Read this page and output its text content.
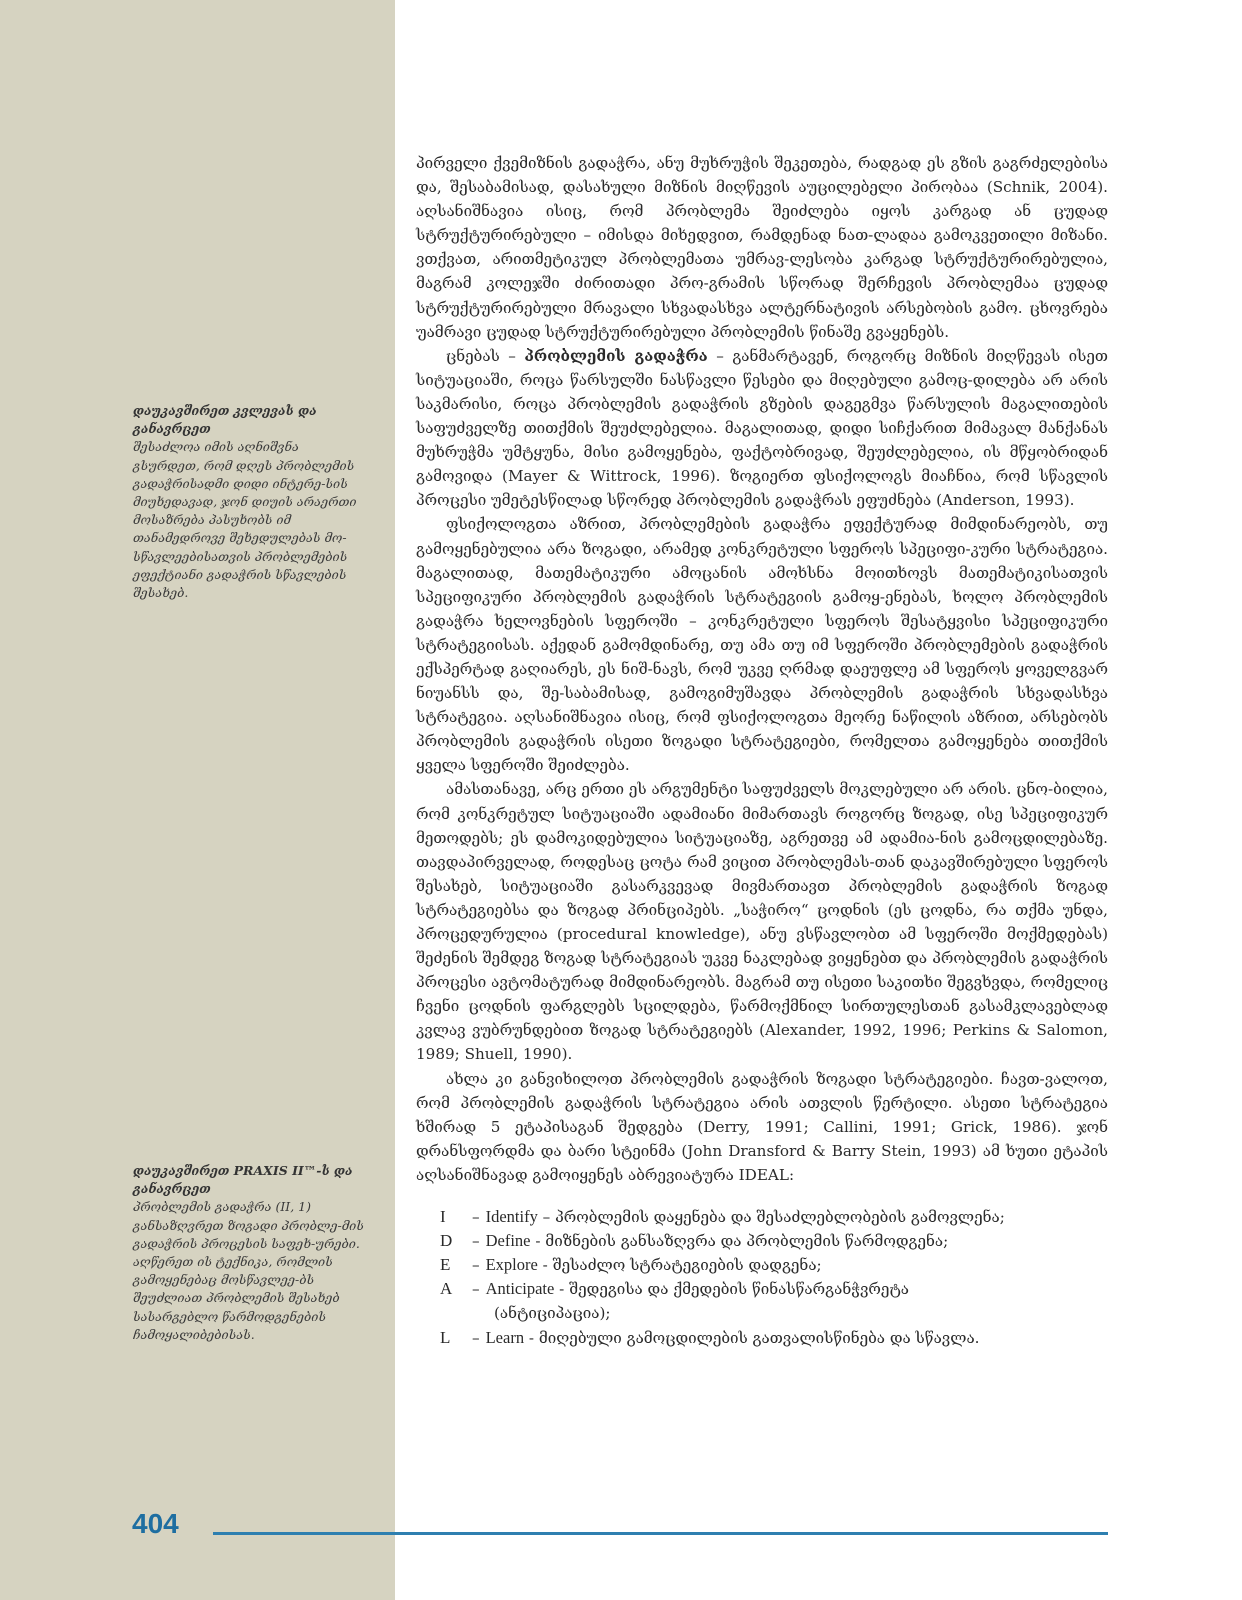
დაუკავშირეთ კვლევას და განავრცეთ
შესაძლოა იმის აღნიშვნა გსურდეთ, რომ დღეს პრობლემის გადაჭრისადმი დიდი ინტერე-სის მიუხედავად, ჯონ დიუის არაერთი მოსაზრება პასუხობს იმ თანამედროვე შეხედულებას მო-სწავლეებისათვის პრობლემების ეფექტიანი გადაჭრის სწავლების შესახებ.
დაუკავშირეთ PRAXIS II™-ს და განავრცეთ
პრობლემის გადაჭრა (II, 1) განსაზღვრეთ ზოგადი პრობლე-მის გადაჭრის პროცესის საფეხ-ურები. აღწერეთ ის ტექნიკა, რომლის გამოყენებაც მოსწავლეე-ბს შეუძლიათ პრობლემის შესახებ სასარგებლო წარმოდგენების ჩამოყალიბებისას.

პირველი ქვემიზნის გადაჭრა, ანუ მუხრუჭის შეკეთება, რადგად ეს გზის გაგრძელებისა და, შესაბამისად, დასახული მიზნის მიღწევის აუცილებელი პირობაა (Schnik, 2004). აღსანიშნავია ისიც, რომ პრობლემა შეიძლება იყოს კარგად ან ცუდად სტრუქტურირებული – იმისდა მიხედვით, რამდენად ნათ-ლადაა გამოკვეთილი მიზანი. ვთქვათ, არითმეტიკულ პრობლემათა უმრავ-ლესობა კარგად სტრუქტურირებულია, მაგრამ კოლეჯში ძირითადი პრო-გრამის სწორად შერჩევის პრობლემაა ცუდად სტრუქტურირებული მრავალი სხვადასხვა ალტერნატივის არსებობის გამო. ცხოვრება უამრავი ცუდად სტრუქტურირებული პრობლემის წინაშე გვაყენებს.

ცნებას – პრობლემის გადაჭრა – განმარტავენ, როგორც მიზნის მიღწევას ისეთ სიტუაციაში, როცა წარსულში ნასწავლი წესები და მიღებული გამოც-დილება არ არის საკმარისი, როცა პრობლემის გადაჭრის გზების დაგეგმვა წარსულის მაგალითების საფუძველზე თითქმის შეუძლებელია. მაგალითად, დიდი სიჩქარით მიმავალ მანქანას მუხრუჭმა უმტყუნა, მისი გამოყენება, ფაქტობრივად, შეუძლებელია, ის მწყობრიდან გამოვიდა (Mayer & Wittrock, 1996). ზოგიერთ ფსიქოლოგს მიაჩნია, რომ სწავლის პროცესი უმეტესწილად სწორედ პრობლემის გადაჭრას ეფუძნება (Anderson, 1993).

ფსიქოლოგთა აზრით, პრობლემების გადაჭრა ეფექტურად მიმდინარეობს, თუ გამოყენებულია არა ზოგადი, არამედ კონკრეტული სფეროს სპეციფი-კური სტრატეგია. მაგალითად, მათემატიკური ამოცანის ამოხსნა მოითხოვს მათემატიკისათვის სპეციფიკური პრობლემის გადაჭრის სტრატეგიის გამოყ-ენებას, ხოლო პრობლემის გადაჭრა ხელოვნების სფეროში – კონკრეტული სფეროს შესატყვისი სპეციფიკური სტრატეგიისას. აქედან გამომდინარე, თუ ამა თუ იმ სფეროში პრობლემების გადაჭრის ექსპერტად გაღიარეს, ეს ნიშ-ნავს, რომ უკვე ღრმად დაეუფლე ამ სფეროს ყოველგვარ ნიუანსს და, შე-საბამისად, გამოგიმუშავდა პრობლემის გადაჭრის სხვადასხვა სტრატეგია. აღსანიშნავია ისიც, რომ ფსიქოლოგთა მეორე ნაწილის აზრით, არსებობს პრობლემის გადაჭრის ისეთი ზოგადი სტრატეგიები, რომელთა გამოყენება თითქმის ყველა სფეროში შეიძლება.

ამასთანავე, არც ერთი ეს არგუმენტი საფუძველს მოკლებული არ არის. ცნო-ბილია, რომ კონკრეტულ სიტუაციაში ადამიანი მიმართავს როგორც ზოგად, ისე სპეციფიკურ მეთოდებს; ეს დამოკიდებულია სიტუაციაზე, აგრეთვე ამ ადამია-ნის გამოცდილებაზე. თავდაპირველად, როდესაც ცოტა რამ ვიცით პრობლემას-თან დაკავშირებული სფეროს შესახებ, სიტუაციაში გასარკვევად მივმართავთ პრობლემის გადაჭრის ზოგად სტრატეგიებსა და ზოგად პრინციპებს. „საჭირო“ ცოდნის (ეს ცოდნა, რა თქმა უნდა, პროცედურულია (procedural knowledge), ანუ ვსწავლობთ ამ სფეროში მოქმედებას) შეძენის შემდეგ ზოგად სტრატეგიას უკვე ნაკლებად ვიყენებთ და პრობლემის გადაჭრის პროცესი ავტომატურად მიმდინარეობს. მაგრამ თუ ისეთი საკითხი შეგვხვდა, რომელიც ჩვენი ცოდნის ფარგლებს სცილდება, წარმოქმნილ სირთულესთან გასამკლავებლად კვლავ ვუბრუნდებით ზოგად სტრატეგიებს (Alexander, 1992, 1996; Perkins & Salomon, 1989; Shuell, 1990).

ახლა კი განვიხილოთ პრობლემის გადაჭრის ზოგადი სტრატეგიები. ჩავთ-ვალოთ, რომ პრობლემის გადაჭრის სტრატეგია არის ათვლის წერტილი. ასეთი სტრატეგია ხშირად 5 ეტაპისაგან შედგება (Derry, 1991; Callini, 1991; Grick, 1986). ჯონ დრანსფორდმა და ბარი სტეინმა (John Dransford & Barry Stein, 1993) ამ ხუთი ეტაპის აღსანიშნავად გამოიყენეს აბრევიატურა IDEAL:

I	– Identify – პრობლემის დაყენება და შესაძლებლობების გამოვლენა;
D	– Define - მიზნების განსაზღვრა და პრობლემის წარმოდგენა;
E	– Explore - შესაძლო სტრატეგიების დადგენა;
A	– Anticipate - შედეგისა და ქმედების წინასწარგანჭვრეტა
(ანტიციპაცია);
L	– Learn - მიღებული გამოცდილების გათვალისწინება და სწავლა.
404
